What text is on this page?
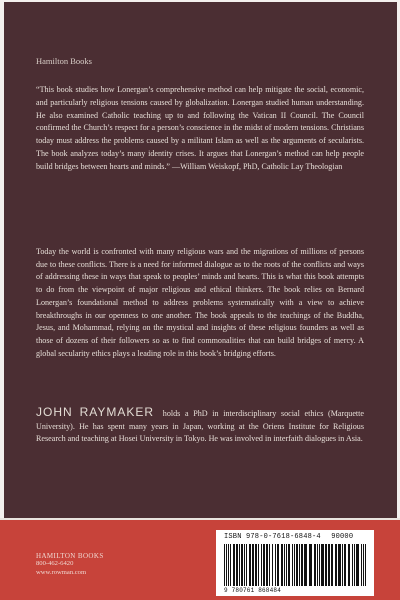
Hamilton Books
“This book studies how Lonergan’s comprehensive method can help mitigate the social, economic, and particularly religious tensions caused by globalization. Lonergan studied human understanding. He also examined Catholic teaching up to and following the Vatican II Council. The Council confirmed the Church’s respect for a person’s conscience in the midst of modern tensions. Christians today must address the problems caused by a militant Islam as well as the arguments of secularists. The book analyzes today’s many identity crises. It argues that Lonergan’s method can help people build bridges between hearts and minds.” —William Weiskopf, PhD, Catholic Lay Theologian
Today the world is confronted with many religious wars and the migrations of millions of persons due to these conflicts. There is a need for informed dialogue as to the roots of the conflicts and ways of addressing these in ways that speak to peoples’ minds and hearts. This is what this book attempts to do from the viewpoint of major religious and ethical thinkers. The book relies on Bernard Lonergan’s foundational method to address problems systematically with a view to achieve breakthroughs in our openness to one another. The book appeals to the teachings of the Buddha, Jesus, and Mohammad, relying on the mystical and insights of these religious founders as well as those of dozens of their followers so as to find commonalities that can build bridges of mercy. A global secularity ethics plays a leading role in this book’s bridging efforts.
JOHN RAYMAKER holds a PhD in interdisciplinary social ethics (Marquette University). He has spent many years in Japan, working at the Oriens Institute for Religious Research and teaching at Hosei University in Tokyo. He was involved in interfaith dialogues in Asia.
HAMILTON BOOKS
800-462-6420
www.rowman.com
ISBN 978-0-7618-6848-4 90000
9 780761 868484
